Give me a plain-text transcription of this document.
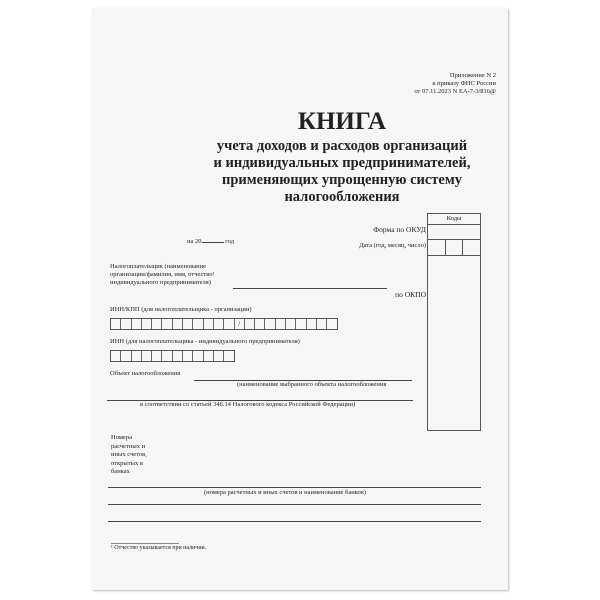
Приложение N 2
к приказу ФНС России
от 07.11.2023 N ЕА-7-3/816@
КНИГА
учета доходов и расходов организаций
и индивидуальных предпринимателей,
применяющих упрощенную систему
налогообложения
Коды
Форма по ОКУД
Дата (год, месяц, число)
по ОКПО
на 20	год
Налогоплательщик (наименование
организации/фамилия, имя, отчество¹
индивидуального предпринимателя)
ИНН/КПП (для налогоплательщика - организации)
/
ИНН (для налогоплательщика - индивидуального предпринимателя)
Объект налогообложения
(наименование выбранного объекта налогообложения
в соответствии со статьей 346.14 Налогового кодекса Российской Федерации)
Номера
расчетных и
иных счетов,
открытых в
банках
(номера расчетных и иных счетов и наименование банков)
¹ Отчество указывается при наличии.
